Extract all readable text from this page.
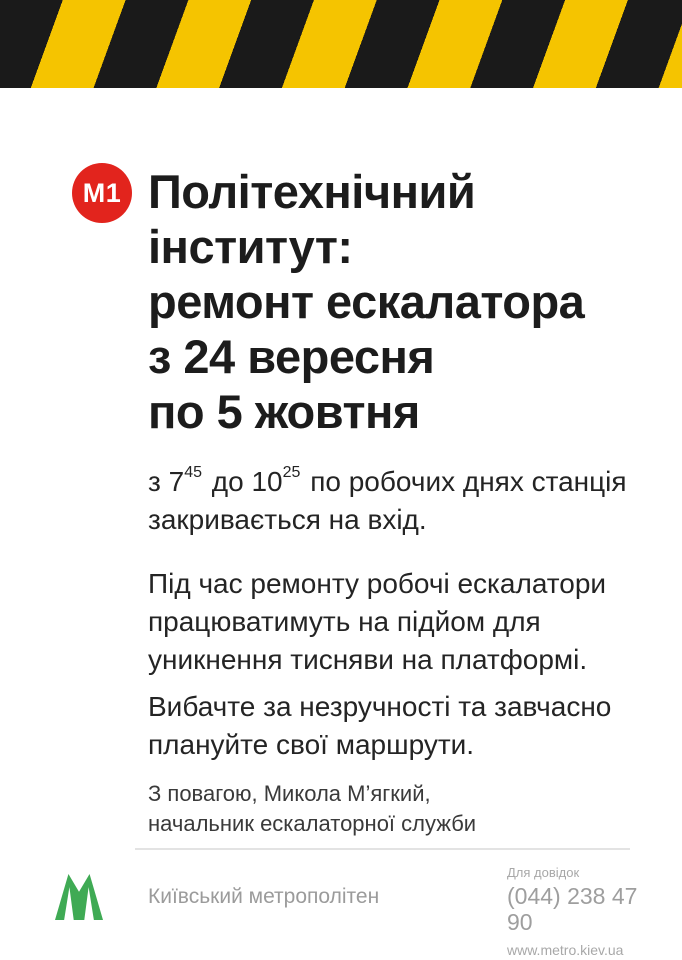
M1 Політехнічний
інститут:
ремонт ескалатора
з 24 вересня
по 5 жовтня
з $7^{45}$ до $10^{25}$ по робочих днях станція
закривається на вхід.
Під час ремонту робочі ескалатори
працюватимуть на підйом для
уникнення тисняви на платформі.
Вибачте за незручності та завчасно
плануйте свої маршрути.
З повагою, Микола М’ягкий,
начальник ескалаторної служби
Київський метрополітен
Для довідок
(044) 238 47 90
www.metro.kiev.ua
